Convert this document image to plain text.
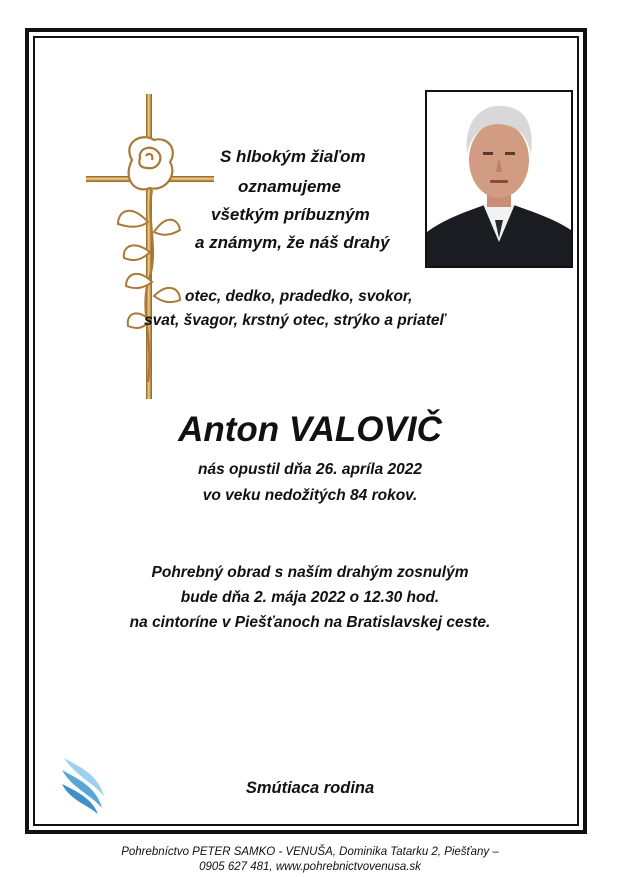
S hlbokým žiaľom
oznamujeme
všetkým príbuzným
a známym, že náš drahý
otec, dedko, pradedko, svokor,
svat, švagor, krstný otec, strýko a priateľ
Anton VALOVIČ
nás opustil dňa 26. apríla 2022
vo veku nedožitých 84 rokov.
Pohrebný obrad s naším drahým zosnulým
bude dňa 2. mája 2022 o 12.30 hod.
na cintoríne v Piešťanoch na Bratislavskej ceste.
Smútiaca rodina
Pohrebníctvo PETER SAMKO - VENUŠA, Dominika Tatarku 2, Piešťany –
0905 627 481, www.pohrebnictvovenusa.sk
